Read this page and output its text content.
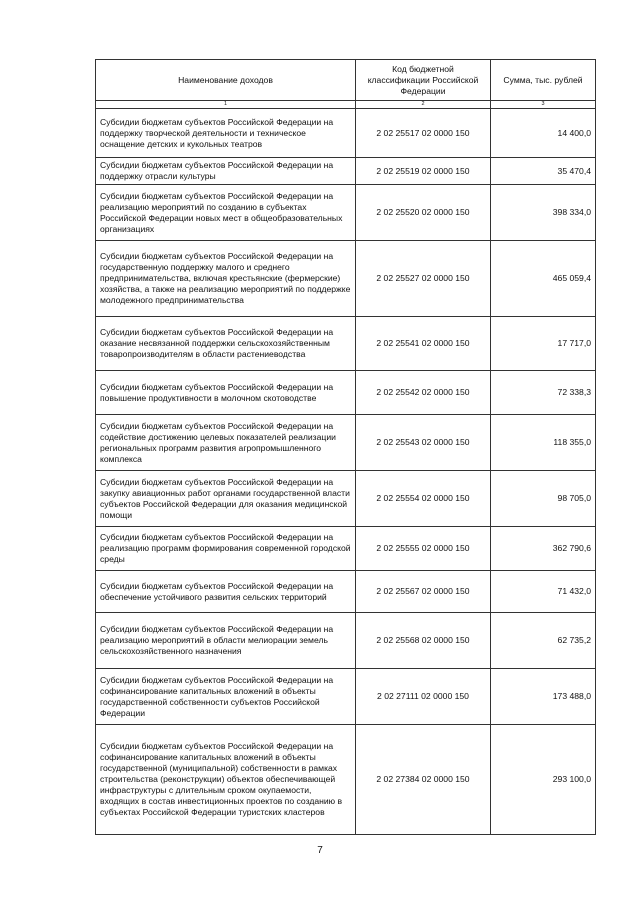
Наименование доходов	Код бюджетной классификации Российской Федерации	Сумма, тыс. рублей
1	2	3
Субсидии бюджетам субъектов Российской Федерации на поддержку творческой деятельности и техническое оснащение детских и кукольных театров	2 02 25517 02 0000 150	14 400,0
Субсидии бюджетам субъектов Российской Федерации на поддержку отрасли культуры	2 02 25519 02 0000 150	35 470,4
Субсидии бюджетам субъектов Российской Федерации на реализацию мероприятий по созданию в субъектах Российской Федерации новых мест в общеобразовательных организациях	2 02 25520 02 0000 150	398 334,0
Субсидии бюджетам субъектов Российской Федерации на государственную поддержку малого и среднего предпринимательства, включая крестьянские (фермерские) хозяйства, а также на реализацию мероприятий по поддержке молодежного предпринимательства	2 02 25527 02 0000 150	465 059,4
Субсидии бюджетам субъектов Российской Федерации на оказание несвязанной поддержки сельскохозяйственным товаропроизводителям в области растениеводства	2 02 25541 02 0000 150	17 717,0
Субсидии бюджетам субъектов Российской Федерации на повышение продуктивности в молочном скотоводстве	2 02 25542 02 0000 150	72 338,3
Субсидии бюджетам субъектов Российской Федерации на содействие достижению целевых показателей реализации региональных программ развития агропромышленного комплекса	2 02 25543 02 0000 150	118 355,0
Субсидии бюджетам субъектов Российской Федерации на закупку авиационных работ органами государственной власти субъектов Российской Федерации для оказания медицинской помощи	2 02 25554 02 0000 150	98 705,0
Субсидии бюджетам субъектов Российской Федерации на реализацию программ формирования современной городской среды	2 02 25555 02 0000 150	362 790,6
Субсидии бюджетам субъектов Российской Федерации на обеспечение устойчивого развития сельских территорий	2 02 25567 02 0000 150	71 432,0
Субсидии бюджетам субъектов Российской Федерации на реализацию мероприятий в области мелиорации земель сельскохозяйственного назначения	2 02 25568 02 0000 150	62 735,2
Субсидии бюджетам субъектов Российской Федерации на софинансирование капитальных вложений в объекты государственной собственности субъектов Российской Федерации	2 02 27111 02 0000 150	173 488,0
Субсидии бюджетам субъектов Российской Федерации на софинансирование капитальных вложений в объекты государственной (муниципальной) собственности в рамках строительства (реконструкции) объектов обеспечивающей инфраструктуры с длительным сроком окупаемости, входящих в состав инвестиционных проектов по созданию в субъектах Российской Федерации туристских кластеров	2 02 27384 02 0000 150	293 100,0
7
